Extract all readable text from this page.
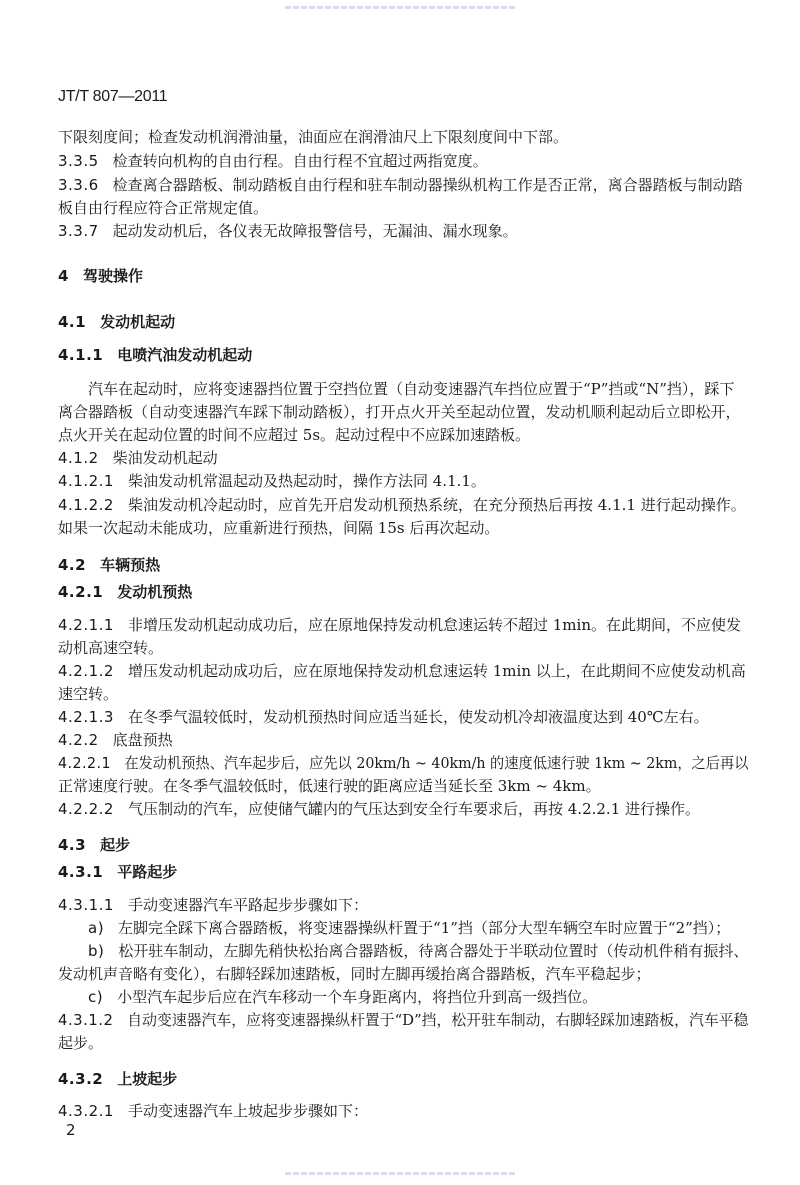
JT/T 807—2011
下限刻度间；检查发动机润滑油量，油面应在润滑油尺上下限刻度间中下部。
3.3.5 检查转向机构的自由行程。自由行程不宜超过两指宽度。
3.3.6 检查离合器踏板、制动踏板自由行程和驻车制动器操纵机构工作是否正常，离合器踏板与制动踏
板自由行程应符合正常规定值。
3.3.7 起动发动机后，各仪表无故障报警信号，无漏油、漏水现象。
4 驾驶操作
4.1 发动机起动
4.1.1 电喷汽油发动机起动
汽车在起动时，应将变速器挡位置于空挡位置（自动变速器汽车挡位应置于“P”挡或“N”挡），踩下
离合器踏板（自动变速器汽车踩下制动踏板），打开点火开关至起动位置，发动机顺利起动后立即松开，
点火开关在起动位置的时间不应超过 5s。起动过程中不应踩加速踏板。
4.1.2 柴油发动机起动
4.1.2.1 柴油发动机常温起动及热起动时，操作方法同 4.1.1。
4.1.2.2 柴油发动机冷起动时，应首先开启发动机预热系统，在充分预热后再按 4.1.1 进行起动操作。
如果一次起动未能成功，应重新进行预热，间隔 15s 后再次起动。
4.2 车辆预热
4.2.1 发动机预热
4.2.1.1 非增压发动机起动成功后，应在原地保持发动机怠速运转不超过 1min。在此期间，不应使发
动机高速空转。
4.2.1.2 增压发动机起动成功后，应在原地保持发动机怠速运转 1min 以上，在此期间不应使发动机高
速空转。
4.2.1.3 在冬季气温较低时，发动机预热时间应适当延长，使发动机冷却液温度达到 40℃左右。
4.2.2 底盘预热
4.2.2.1 在发动机预热、汽车起步后，应先以 20km/h ~ 40km/h 的速度低速行驶 1km ~ 2km，之后再以
正常速度行驶。在冬季气温较低时，低速行驶的距离应适当延长至 3km ~ 4km。
4.2.2.2 气压制动的汽车，应使储气罐内的气压达到安全行车要求后，再按 4.2.2.1 进行操作。
4.3 起步
4.3.1 平路起步
4.3.1.1 手动变速器汽车平路起步步骤如下：
a) 左脚完全踩下离合器踏板，将变速器操纵杆置于“1”挡（部分大型车辆空车时应置于“2”挡）；
b) 松开驻车制动，左脚先稍快松抬离合器踏板，待离合器处于半联动位置时（传动机件稍有振抖、
发动机声音略有变化），右脚轻踩加速踏板，同时左脚再缓抬离合器踏板，汽车平稳起步；
c) 小型汽车起步后应在汽车移动一个车身距离内，将挡位升到高一级挡位。
4.3.1.2 自动变速器汽车，应将变速器操纵杆置于“D”挡，松开驻车制动，右脚轻踩加速踏板，汽车平稳
起步。
4.3.2 上坡起步
4.3.2.1 手动变速器汽车上坡起步步骤如下：
2
